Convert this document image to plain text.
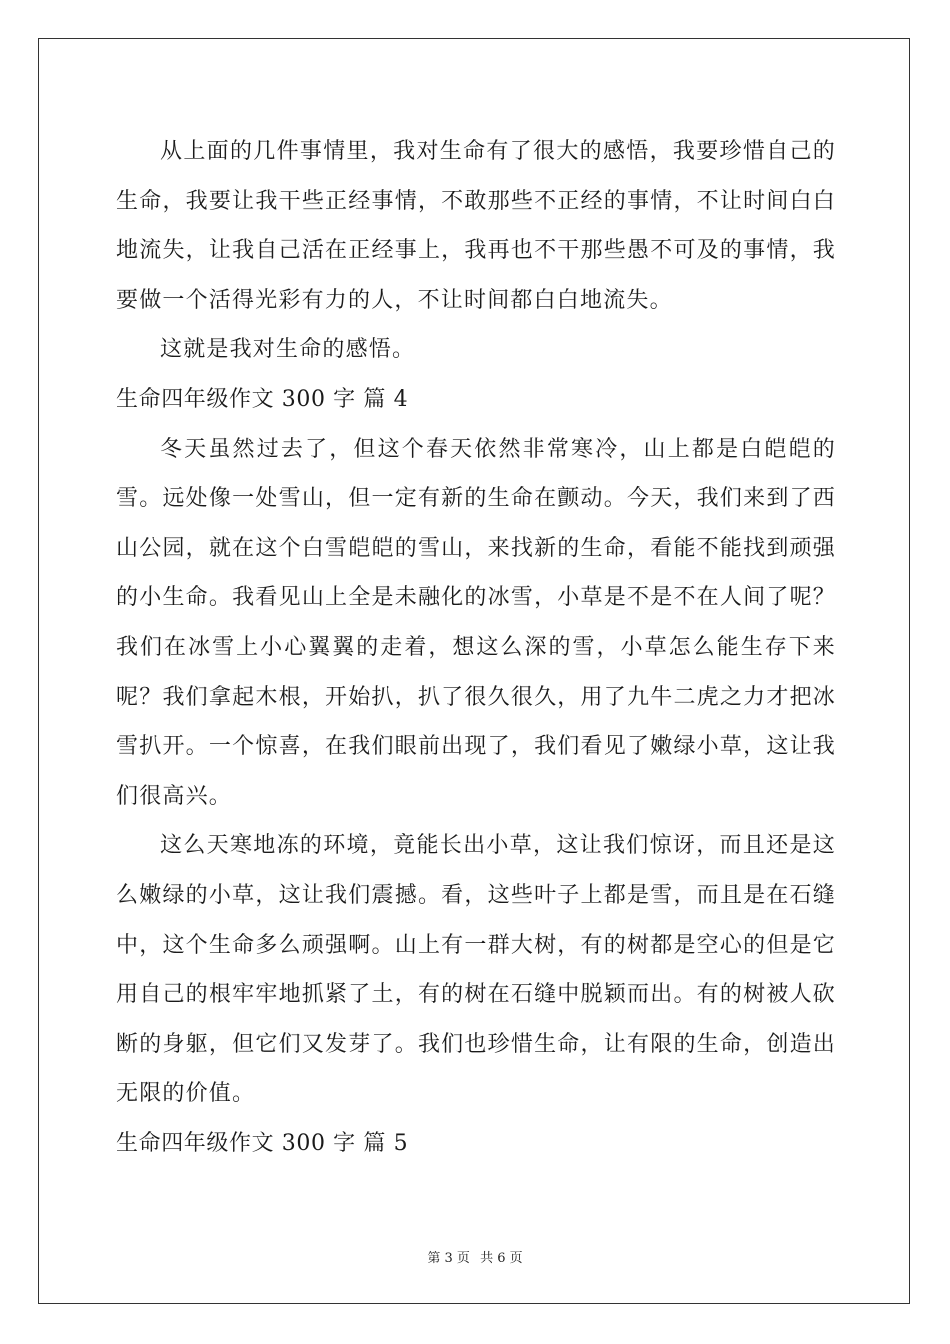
从上面的几件事情里，我对生命有了很大的感悟，我要珍惜自己的生命，我要让我干些正经事情，不敢那些不正经的事情，不让时间白白地流失，让我自己活在正经事上，我再也不干那些愚不可及的事情，我要做一个活得光彩有力的人，不让时间都白白地流失。

这就是我对生命的感悟。

生命四年级作文 300 字 篇 4

冬天虽然过去了，但这个春天依然非常寒冷，山上都是白皑皑的雪。远处像一处雪山，但一定有新的生命在颤动。今天，我们来到了西山公园，就在这个白雪皑皑的雪山，来找新的生命，看能不能找到顽强的小生命。我看见山上全是未融化的冰雪，小草是不是不在人间了呢？我们在冰雪上小心翼翼的走着，想这么深的雪，小草怎么能生存下来呢？我们拿起木根，开始扒，扒了很久很久，用了九牛二虎之力才把冰雪扒开。一个惊喜，在我们眼前出现了，我们看见了嫩绿小草，这让我们很高兴。

这么天寒地冻的环境，竟能长出小草，这让我们惊讶，而且还是这么嫩绿的小草，这让我们震撼。看，这些叶子上都是雪，而且是在石缝中，这个生命多么顽强啊。山上有一群大树，有的树都是空心的但是它用自己的根牢牢地抓紧了土，有的树在石缝中脱颖而出。有的树被人砍断的身躯，但它们又发芽了。我们也珍惜生命，让有限的生命，创造出无限的价值。

生命四年级作文 300 字 篇 5

第 3 页 共 6 页
